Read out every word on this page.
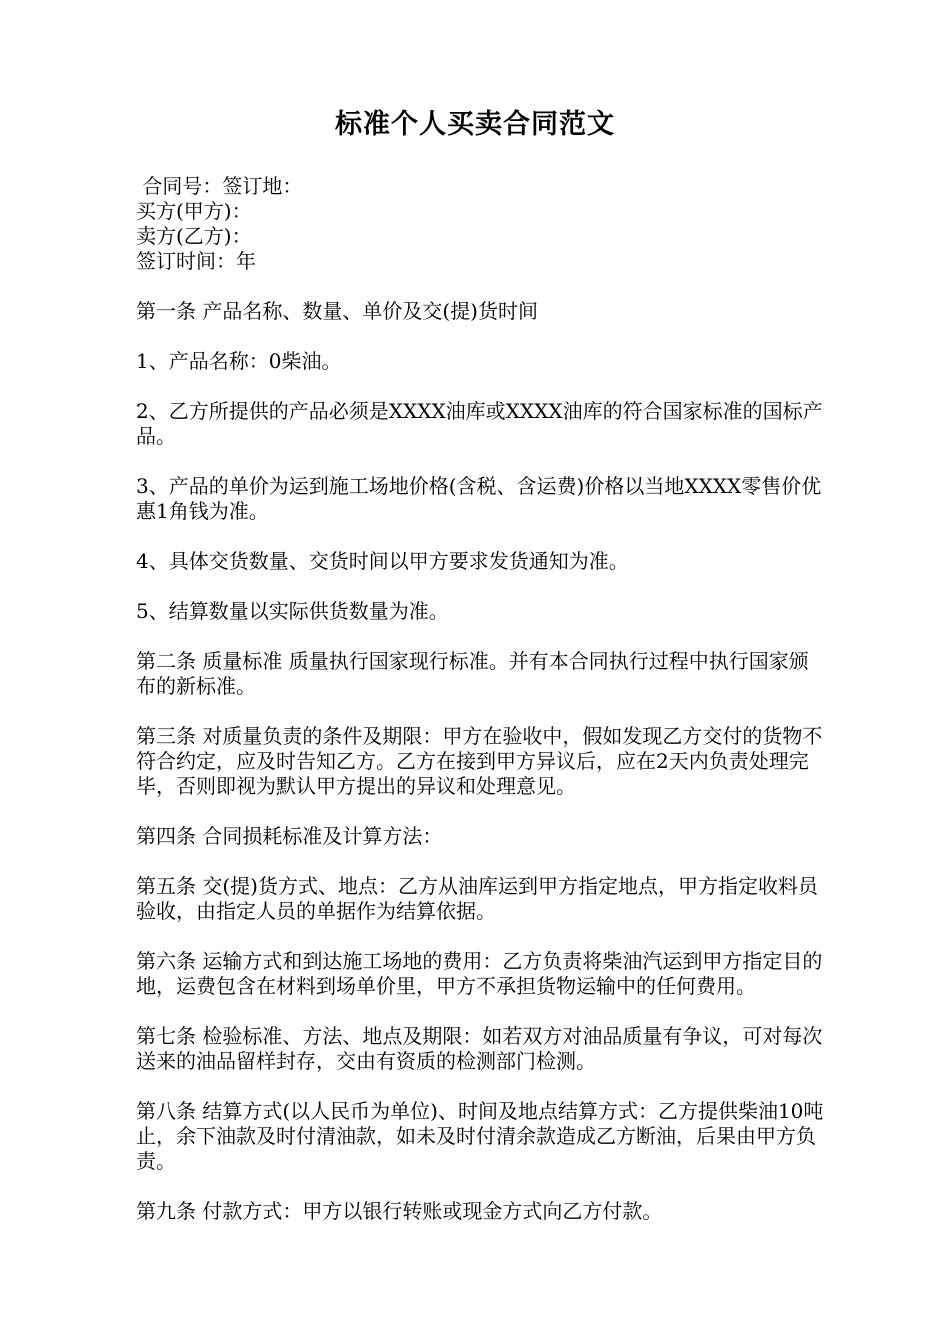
标准个人买卖合同范文

合同号：签订地：

买方(甲方)：

卖方(乙方)：

签订时间：年

第一条 产品名称、数量、单价及交(提)货时间

1、产品名称：0柴油。

2、乙方所提供的产品必须是XXXX油库或XXXX油库的符合国家标准的国标产品。

3、产品的单价为运到施工场地价格(含税、含运费)价格以当地XXXX零售价优惠1角钱为准。

4、具体交货数量、交货时间以甲方要求发货通知为准。

5、结算数量以实际供货数量为准。

第二条 质量标准 质量执行国家现行标准。并有本合同执行过程中执行国家颁布的新标准。

第三条 对质量负责的条件及期限：甲方在验收中，假如发现乙方交付的货物不符合约定，应及时告知乙方。乙方在接到甲方异议后，应在2天内负责处理完毕，否则即视为默认甲方提出的异议和处理意见。

第四条 合同损耗标准及计算方法：

第五条 交(提)货方式、地点：乙方从油库运到甲方指定地点，甲方指定收料员验收，由指定人员的单据作为结算依据。

第六条 运输方式和到达施工场地的费用：乙方负责将柴油汽运到甲方指定目的地，运费包含在材料到场单价里，甲方不承担货物运输中的任何费用。

第七条 检验标准、方法、地点及期限：如若双方对油品质量有争议，可对每次送来的油品留样封存，交由有资质的检测部门检测。

第八条 结算方式(以人民币为单位)、时间及地点结算方式：乙方提供柴油10吨止，余下油款及时付清油款，如未及时付清余款造成乙方断油，后果由甲方负责。

第九条 付款方式：甲方以银行转账或现金方式向乙方付款。
